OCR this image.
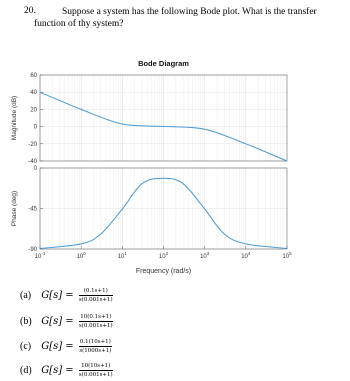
20.	Suppose a system has the following Bode plot. What is the transfer function of thy system?
Bode Diagram
60
40
20
0
-20
-40
Magnitude (dB)
0
-45
-90
Phase (deg)
$10^{-1}$
$10^0$
$10^1$
$10^2$
$10^3$
$10^4$
$10^5$
Frequency (rad/s)
(a) $G[s] = \frac{(0.1s+1)}{s(0.001s+1)}$
(b) $G[s] = \frac{10(0.1s+1)}{s(0.001s+1)}$
(c) $G[s] = \frac{0.1(10s+1)}{s(1000s+1)}$
(d) $G[s] = \frac{10(10s+1)}{s(0.001s+1)}$
